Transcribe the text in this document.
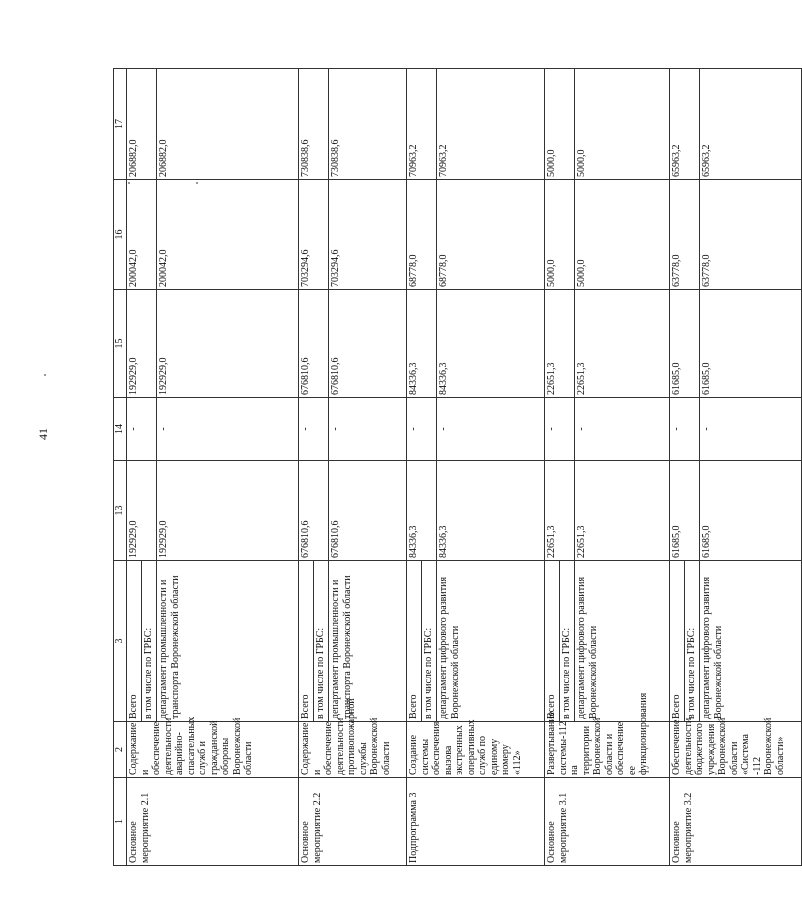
41
1	2	3	13	14	15	16	17
Основное мероприятие 2.1	Содержание и обеспечение деятельности аварийно-спасательных служб и гражданской обороны Воронежской области	Всего	192929,0	-	192929,0	200042,0	206882,0
		в том числе по ГРБС:					
		департамент промышленности и транспорта Воронежской области	192929,0	-	192929,0	200042,0	206882,0
Основное мероприятие 2.2	Содержание и обеспечение деятельности противопожарной службы Воронежской области	Всего	676810,6	-	676810,6	703294,6	730838,6
		в том числе по ГРБС:					
		департамент промышленности и транспорта Воронежской области	676810,6	-	676810,6	703294,6	730838,6
Подпрограмма 3	Создание системы обеспечения вызова экстренных оперативных служб по единому номеру «112»	Всего	84336,3	-	84336,3	68778,0	70963,2
		в том числе по ГРБС:					
		департамент цифрового развития Воронежской области	84336,3	-	84336,3	68778,0	70963,2
Основное мероприятие 3.1	Развертывание системы-112 на территории Воронежской области и обеспечение ее функционирования	Всего	22651,3	-	22651,3	5000,0	5000,0
		в том числе по ГРБС:					
		департамент цифрового развития Воронежской области	22651,3	-	22651,3	5000,0	5000,0
Основное мероприятие 3.2	Обеспечение деятельности бюджетного учреждения Воронежской области «Система -112 Воронежской области»	Всего	61685,0	-	61685,0	63778,0	65963,2
		в том числе по ГРБС:					
		департамент цифрового развития Воронежской области	61685,0	-	61685,0	63778,0	65963,2
